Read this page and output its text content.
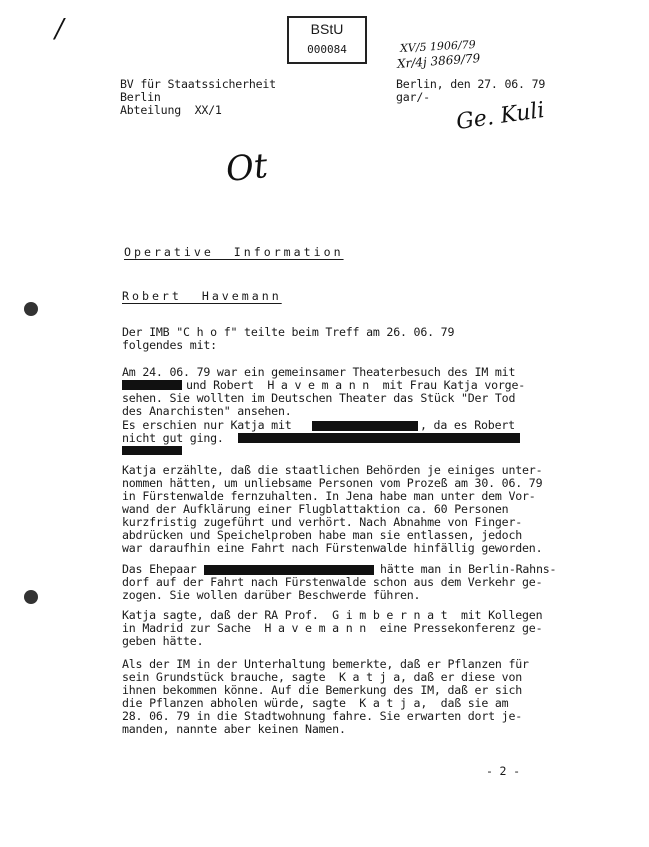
/	BStU
000084	XV/5 1906/79
Xr/4j 3869/79
BV für Staatssicherheit
Berlin
Abteilung  XX/1
Berlin, den 27. 06. 79
gar/-
Ge. Kuli
Ot
Operative  Information
Robert  Havemann
Der IMB "C h o f" teilte beim Treff am 26. 06. 79
folgendes mit:
Am 24. 06. 79 war ein gemeinsamer Theaterbesuch des IM mit
und Robert  H a v e m a n n  mit Frau Katja vorge-
sehen. Sie wollten im Deutschen Theater das Stück "Der Tod
des Anarchisten" ansehen.
Es erschien nur Katja mit	, da es Robert
nicht gut ging.
Katja erzählte, daß die staatlichen Behörden je einiges unter-
nommen hätten, um unliebsame Personen vom Prozeß am 30. 06. 79
in Fürstenwalde fernzuhalten. In Jena habe man unter dem Vor-
wand der Aufklärung einer Flugblattaktion ca. 60 Personen
kurzfristig zugeführt und verhört. Nach Abnahme von Finger-
abdrücken und Speichelproben habe man sie entlassen, jedoch
war daraufhin eine Fahrt nach Fürstenwalde hinfällig geworden.
Das Ehepaar	hätte man in Berlin-Rahns-
dorf auf der Fahrt nach Fürstenwalde schon aus dem Verkehr ge-
zogen. Sie wollen darüber Beschwerde führen.
Katja sagte, daß der RA Prof.  G i m b e r n a t  mit Kollegen
in Madrid zur Sache  H a v e m a n n  eine Pressekonferenz ge-
geben hätte.
Als der IM in der Unterhaltung bemerkte, daß er Pflanzen für
sein Grundstück brauche, sagte  K a t j a, daß er diese von
ihnen bekommen könne. Auf die Bemerkung des IM, daß er sich
die Pflanzen abholen würde, sagte  K a t j a,  daß sie am
28. 06. 79 in die Stadtwohnung fahre. Sie erwarten dort je-
manden, nannte aber keinen Namen.
- 2 -
